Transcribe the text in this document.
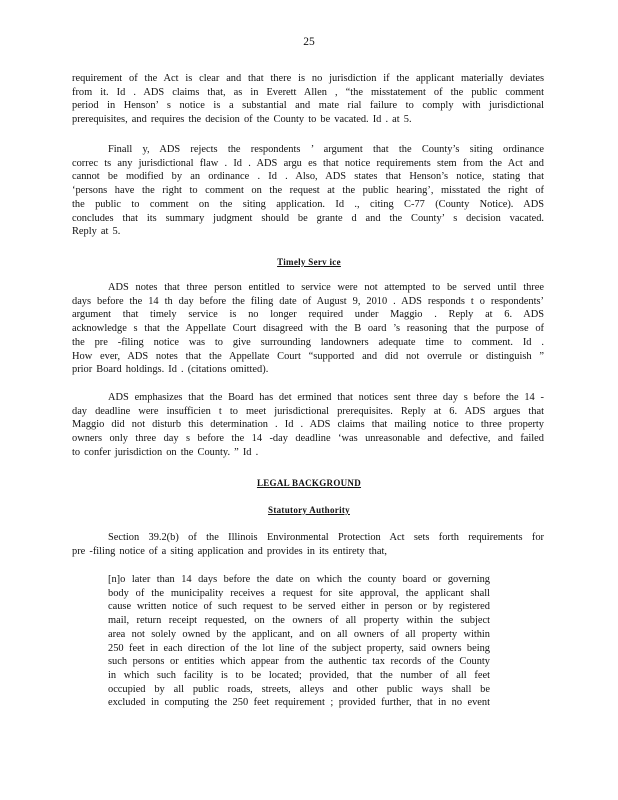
25
requirement of the Act is clear and that there is no jurisdiction if the applicant materially deviates
from it. Id . ADS claims that, as in Everett Allen , “the misstatement of the public comment
period in Henson’ s notice is a substantial and mate rial failure to comply with jurisdictional
prerequisites, and requires the decision of the County to be vacated. Id . at 5.
Finall y, ADS rejects the respondents ’ argument that the County’s siting ordinance
correc ts any jurisdictional flaw . Id . ADS argu es that notice requirements stem from the Act and
cannot be modified by an ordinance . Id . Also, ADS states that Henson’s notice, stating that
‘persons have the right to comment on the request at the public hearing’, misstated the right of
the public to comment on the siting application. Id ., citing C-77 (County Notice). ADS
concludes that its summary judgment should be grante d and the County’ s decision vacated.
Reply at 5.
Timely Serv ice
ADS notes that three person entitled to service were not attempted to be served until three
days before the 14 th day before the filing date of August 9, 2010 . ADS responds t o respondents’
argument that timely service is no longer required under Maggio . Reply at 6. ADS
acknowledge s that the Appellate Court disagreed with the B oard ’s reasoning that the purpose of
the pre -filing notice was to give surrounding landowners adequate time to comment. Id .
How ever, ADS notes that the Appellate Court “supported and did not overrule or distinguish ”
prior Board holdings. Id . (citations omitted).
ADS emphasizes that the Board has det ermined that notices sent three day s before the 14 -
day deadline were insufficien t to meet jurisdictional prerequisites. Reply at 6. ADS argues that
Maggio did not disturb this determination . Id . ADS claims that mailing notice to three property
owners only three day s before the 14 -day deadline ‘was unreasonable and defective, and failed
to confer jurisdiction on the County. ” Id .
LEGAL BACKGROUND
Statutory Authority
Section 39.2(b) of the Illinois Environmental Protection Act sets forth requirements for
pre -filing notice of a siting application and provides in its entirety that,
[n]o later than 14 days before the date on which the county board or governing
body of the municipality receives a request for site approval, the applicant shall
cause written notice of such request to be served either in person or by registered
mail, return receipt requested, on the owners of all property within the subject
area not solely owned by the applicant, and on all owners of all property within
250 feet in each direction of the lot line of the subject property, said owners being
such persons or entities which appear from the authentic tax records of the County
in which such facility is to be located; provided, that the number of all feet
occupied by all public roads, streets, alleys and other public ways shall be
excluded in computing the 250 feet requirement ; provided further, that in no event
